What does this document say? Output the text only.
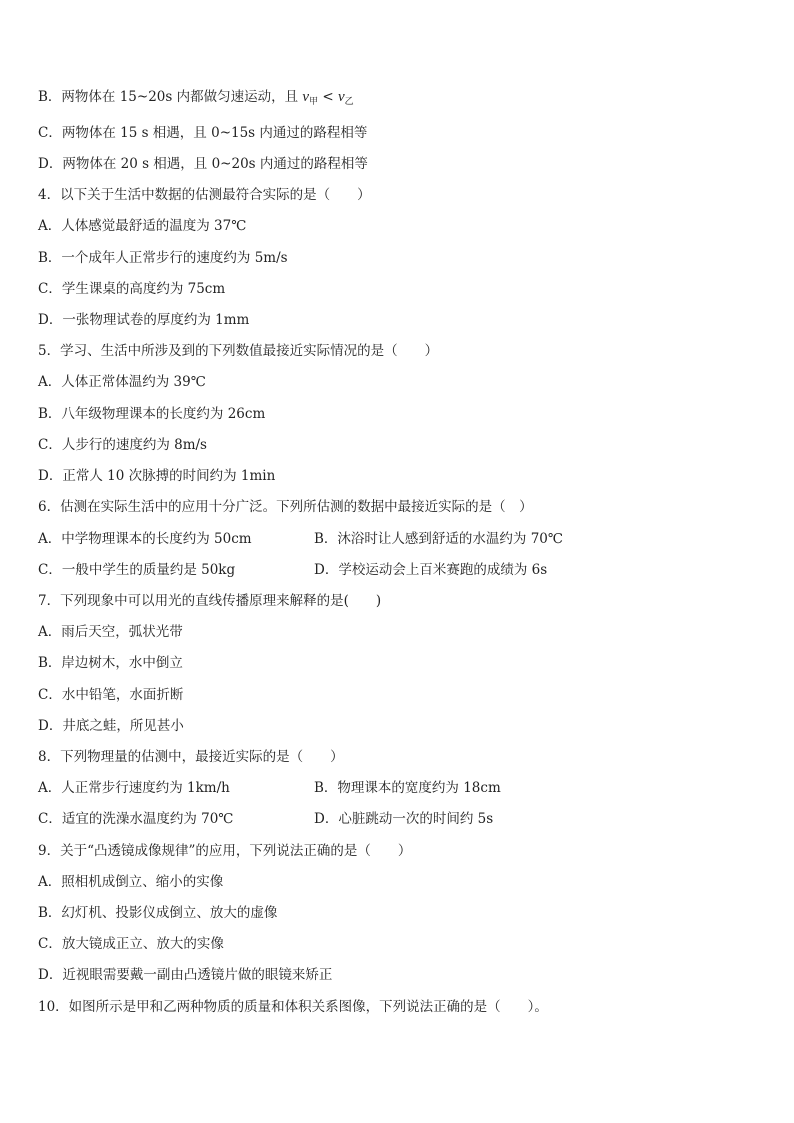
B．两物体在 15~20s 内都做匀速运动，且 $v_甲 < v_乙$
C．两物体在 15 s 相遇，且 0~15s 内通过的路程相等
D．两物体在 20 s 相遇，且 0~20s 内通过的路程相等
4．以下关于生活中数据的估测最符合实际的是（　　）
A．人体感觉最舒适的温度为 37℃
B．一个成年人正常步行的速度约为 5m/s
C．学生课桌的高度约为 75cm
D．一张物理试卷的厚度约为 1mm
5．学习、生活中所涉及到的下列数值最接近实际情况的是（　　）
A．人体正常体温约为 39℃
B．八年级物理课本的长度约为 26cm
C．人步行的速度约为 8m/s
D．正常人 10 次脉搏的时间约为 1min
6．估测在实际生活中的应用十分广泛。下列所估测的数据中最接近实际的是（　）
A．中学物理课本的长度约为 50cm	B．沐浴时让人感到舒适的水温约为 70℃
C．一般中学生的质量约是 50kg	D．学校运动会上百米赛跑的成绩为 6s
7．下列现象中可以用光的直线传播原理来解释的是(　　)
A．雨后天空，弧状光带
B．岸边树木，水中倒立
C．水中铅笔，水面折断
D．井底之蛙，所见甚小
8．下列物理量的估测中，最接近实际的是（　　）
A．人正常步行速度约为 1km/h	B．物理课本的宽度约为 18cm
C．适宜的洗澡水温度约为 70℃	D．心脏跳动一次的时间约 5s
9．关于“凸透镜成像规律”的应用，下列说法正确的是（　　）
A．照相机成倒立、缩小的实像
B．幻灯机、投影仪成倒立、放大的虚像
C．放大镜成正立、放大的实像
D．近视眼需要戴一副由凸透镜片做的眼镜来矫正
10．如图所示是甲和乙两种物质的质量和体积关系图像，下列说法正确的是（　　）。
